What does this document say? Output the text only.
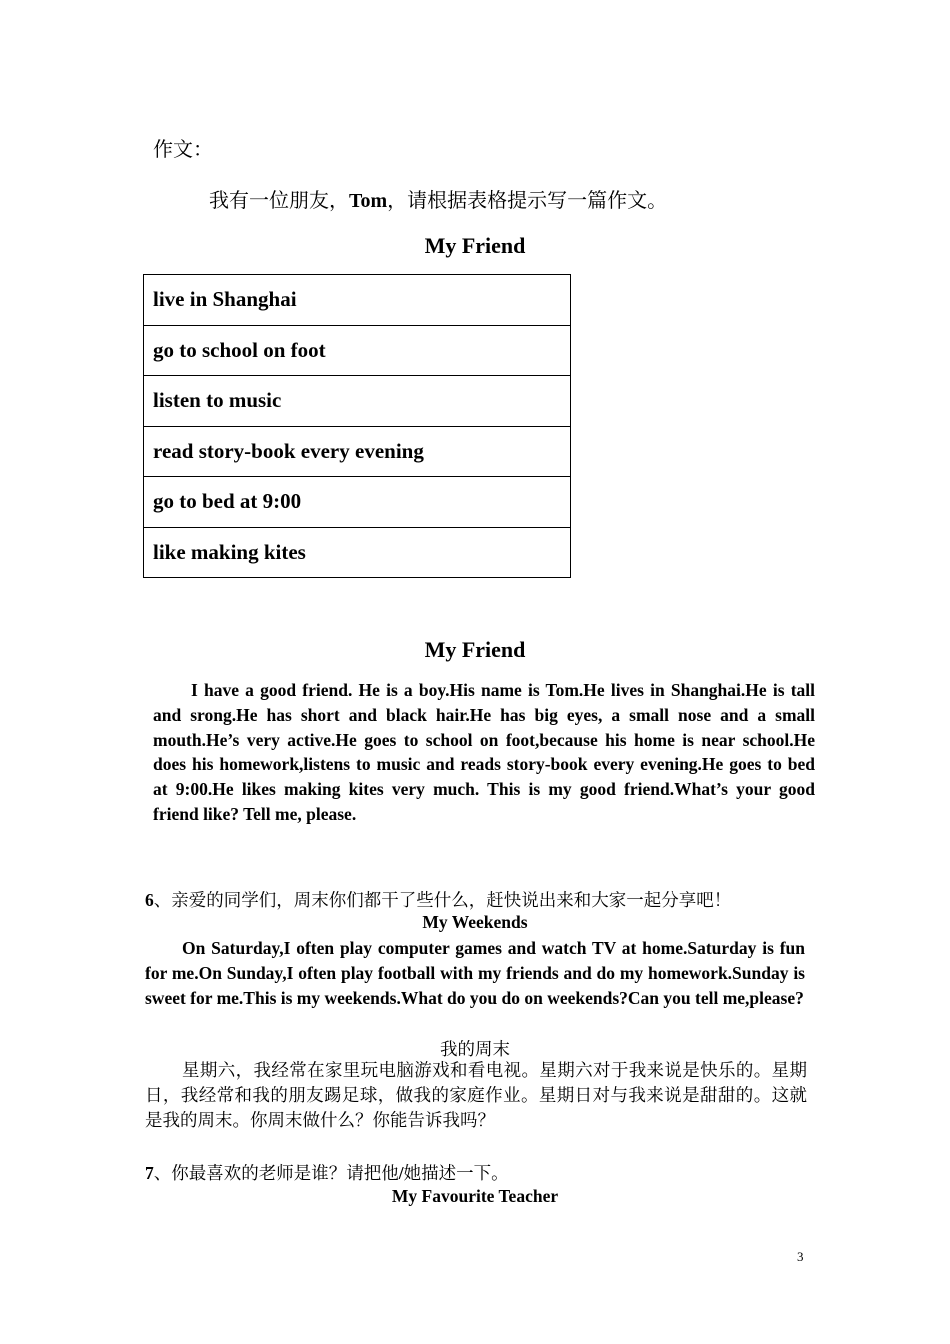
作文：
我有一位朋友，Tom，请根据表格提示写一篇作文。
My Friend
live in Shanghai
go to school on foot
listen to music
read story-book every evening
go to bed at 9:00
like making kites
My Friend
I have a good friend. He is a boy.His name is Tom.He lives in Shanghai.He is tall and srong.He has short and black hair.He has big eyes, a small nose and a small mouth.He’s very active.He goes to school on foot,because his home is near school.He does his homework,listens to music and reads story-book every evening.He goes to bed at 9:00.He likes making kites very much. This is my good friend.What’s your good friend like? Tell me, please.
6、亲爱的同学们，周末你们都干了些什么，赶快说出来和大家一起分享吧！
My Weekends
On Saturday,I often play computer games and watch TV at home.Saturday is fun for me.On Sunday,I often play football with my friends and do my homework.Sunday is sweet for me.This is my weekends.What do you do on weekends?Can you tell me,please?
我的周末
星期六，我经常在家里玩电脑游戏和看电视。星期六对于我来说是快乐的。星期日，我经常和我的朋友踢足球，做我的家庭作业。星期日对与我来说是甜甜的。这就是我的周末。你周末做什么？你能告诉我吗？
7、你最喜欢的老师是谁？请把他/她描述一下。
My Favourite Teacher
3
